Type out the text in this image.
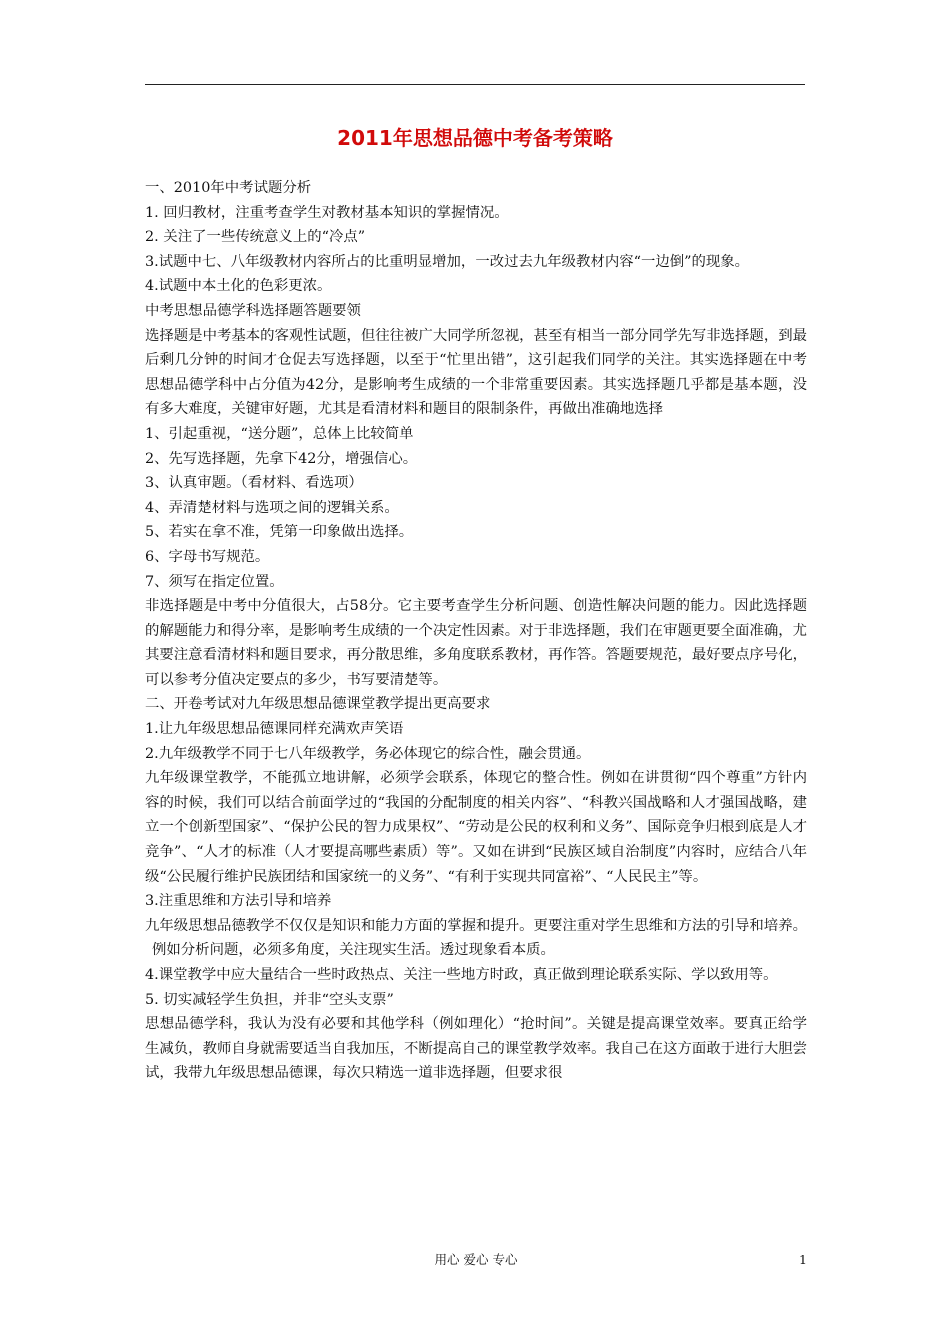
2011年思想品德中考备考策略

一、2010年中考试题分析

1. 回归教材，注重考查学生对教材基本知识的掌握情况。

2. 关注了一些传统意义上的“冷点”

3.试题中七、八年级教材内容所占的比重明显增加，一改过去九年级教材内容“一边倒”的现象。

4.试题中本土化的色彩更浓。

中考思想品德学科选择题答题要领

选择题是中考基本的客观性试题，但往往被广大同学所忽视，甚至有相当一部分同学先写非选择题，到最后剩几分钟的时间才仓促去写选择题，以至于“忙里出错”，这引起我们同学的关注。其实选择题在中考思想品德学科中占分值为42分，是影响考生成绩的一个非常重要因素。其实选择题几乎都是基本题，没有多大难度，关键审好题，尤其是看清材料和题目的限制条件，再做出准确地选择

1、引起重视，“送分题”，总体上比较简单

2、先写选择题，先拿下42分，增强信心。

3、认真审题。（看材料、看选项）

4、弄清楚材料与选项之间的逻辑关系。

5、若实在拿不准，凭第一印象做出选择。

6、字母书写规范。

7、须写在指定位置。

非选择题是中考中分值很大，占58分。它主要考查学生分析问题、创造性解决问题的能力。因此选择题的解题能力和得分率，是影响考生成绩的一个决定性因素。对于非选择题，我们在审题更要全面准确，尤其要注意看清材料和题目要求，再分散思维，多角度联系教材，再作答。答题要规范，最好要点序号化，可以参考分值决定要点的多少，书写要清楚等。

二、开卷考试对九年级思想品德课堂教学提出更高要求

1.让九年级思想品德课同样充满欢声笑语

2.九年级教学不同于七八年级教学，务必体现它的综合性，融会贯通。

九年级课堂教学，不能孤立地讲解，必须学会联系，体现它的整合性。例如在讲贯彻“四个尊重”方针内容的时候，我们可以结合前面学过的“我国的分配制度的相关内容”、“科教兴国战略和人才强国战略，建立一个创新型国家”、“保护公民的智力成果权”、“劳动是公民的权利和义务”、国际竞争归根到底是人才竞争”、“人才的标准（人才要提高哪些素质）等”。又如在讲到“民族区域自治制度”内容时，应结合八年级“公民履行维护民族团结和国家统一的义务”、“有利于实现共同富裕”、“人民民主”等。

3.注重思维和方法引导和培养

九年级思想品德教学不仅仅是知识和能力方面的掌握和提升。更要注重对学生思维和方法的引导和培养。

例如分析问题，必须多角度，关注现实生活。透过现象看本质。

4.课堂教学中应大量结合一些时政热点、关注一些地方时政，真正做到理论联系实际、学以致用等。

5. 切实减轻学生负担，并非“空头支票”

思想品德学科，我认为没有必要和其他学科（例如理化）“抢时间”。关键是提高课堂效率。要真正给学生减负，教师自身就需要适当自我加压，不断提高自己的课堂教学效率。我自己在这方面敢于进行大胆尝试，我带九年级思想品德课，每次只精选一道非选择题，但要求很

用心 爱心 专心	1
